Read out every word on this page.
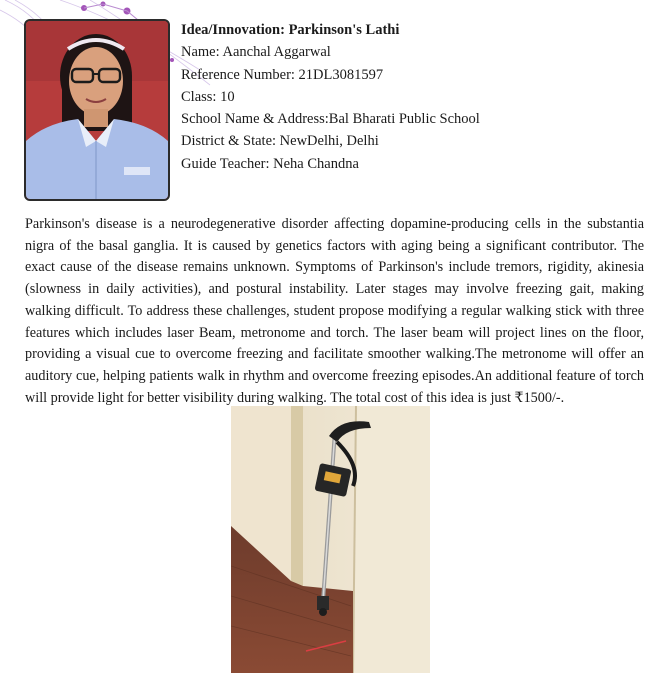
Idea/Innovation: Parkinson's Lathi
Name: Aanchal Aggarwal
Reference Number: 21DL3081597
Class: 10
School Name & Address:Bal Bharati Public School
District & State: NewDelhi, Delhi
Guide Teacher: Neha Chandna

Parkinson's disease is a neurodegenerative disorder affecting dopamine-producing cells in the substantia nigra of the basal ganglia. It is caused by genetics factors with aging being a significant contributor. The exact cause of the disease remains unknown. Symptoms of Parkinson's include tremors, rigidity, akinesia (slowness in daily activities), and postural instability. Later stages may involve freezing gait, making walking difficult. To address these challenges, student propose modifying a regular walking stick with three features which includes laser Beam, metronome and torch. The laser beam will project lines on the floor, providing a visual cue to overcome freezing and facilitate smoother walking.The metronome will offer an auditory cue, helping patients walk in rhythm and overcome freezing episodes.An additional feature of torch will provide light for better visibility during walking. The total cost of this idea is just ₹1500/-.
